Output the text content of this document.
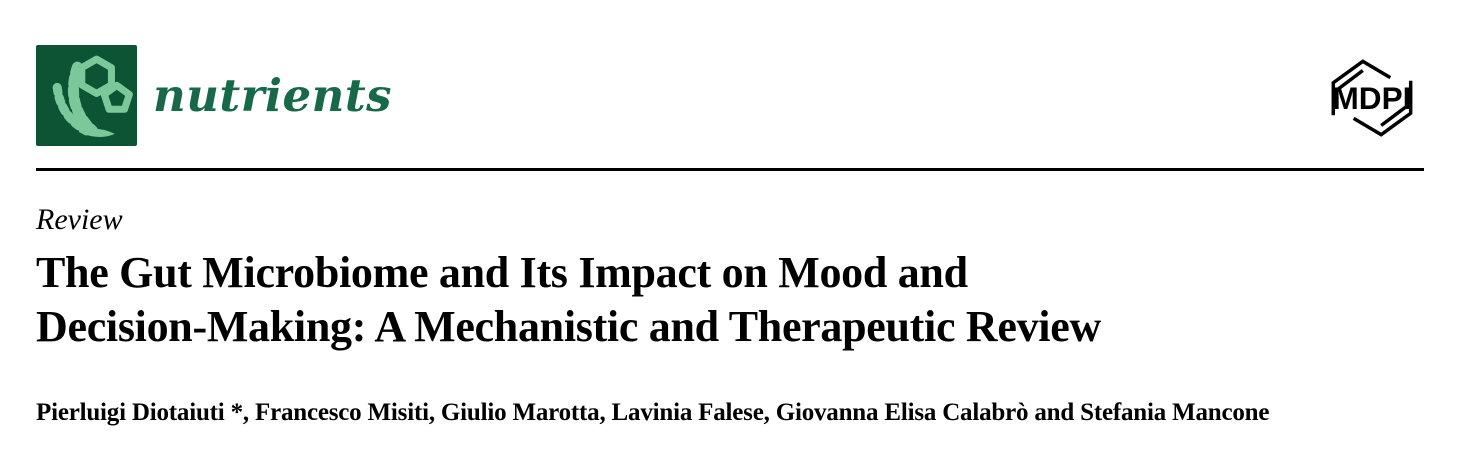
nutrients	MDPI
Review
The Gut Microbiome and Its Impact on Mood and
Decision-Making: A Mechanistic and Therapeutic Review
Pierluigi Diotaiuti *, Francesco Misiti, Giulio Marotta, Lavinia Falese, Giovanna Elisa Calabrò and Stefania Mancone
